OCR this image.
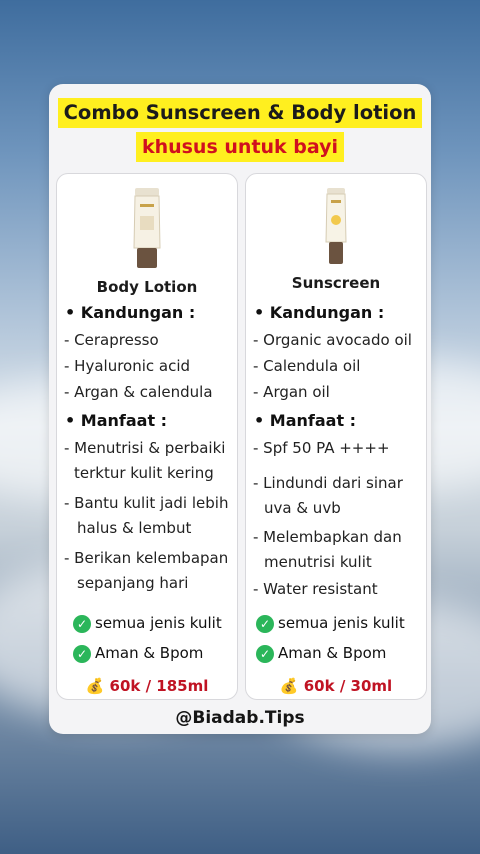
Combo Sunscreen & Body lotion
khusus untuk bayi
Body Lotion
• Kandungan :
- Cerapresso
- Hyaluronic acid
- Argan & calendula
• Manfaat :
- Menutrisi & perbaiki
terktur kulit kering
- Bantu kulit jadi lebih
halus & lembut
- Berikan kelembapan
sepanjang hari
✓ semua jenis kulit
✓ Aman & Bpom
💰 60k / 185ml
Sunscreen
• Kandungan :
- Organic avocado oil
- Calendula oil
- Argan oil
• Manfaat :
- Spf 50 PA ++++
- Lindundi dari sinar
uva & uvb
- Melembapkan dan
menutrisi kulit
- Water resistant
✓ semua jenis kulit
✓ Aman & Bpom
💰 60k / 30ml
@Biadab.Tips
